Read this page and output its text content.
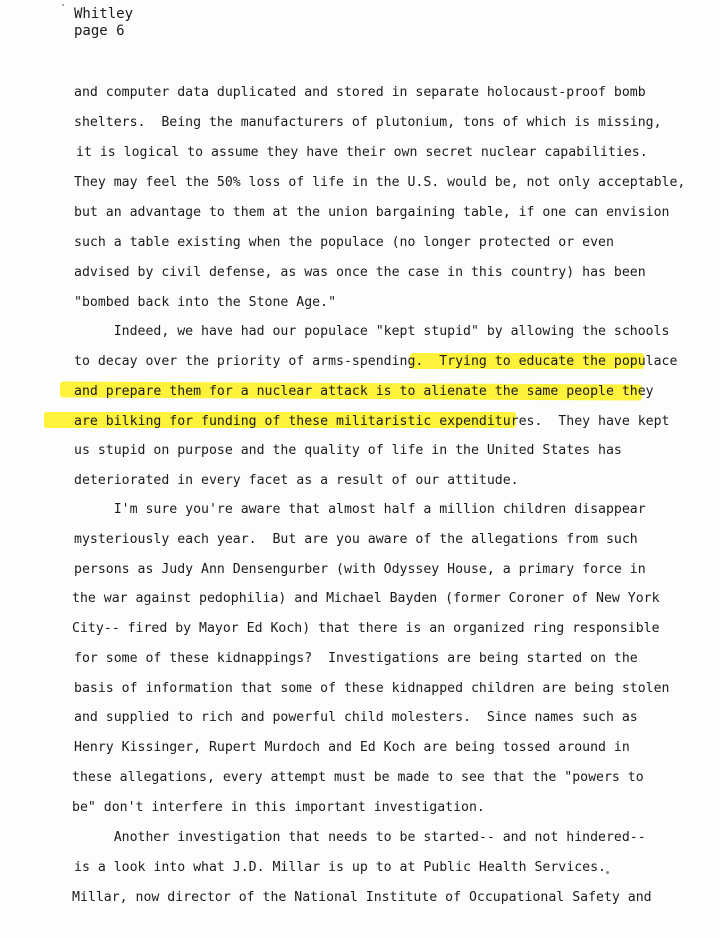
Whitley
page 6
and computer data duplicated and stored in separate holocaust-proof bomb
shelters.  Being the manufacturers of plutonium, tons of which is missing,
it is logical to assume they have their own secret nuclear capabilities.
They may feel the 50% loss of life in the U.S. would be, not only acceptable,
but an advantage to them at the union bargaining table, if one can envision
such a table existing when the populace (no longer protected or even
advised by civil defense, as was once the case in this country) has been
"bombed back into the Stone Age."
Indeed, we have had our populace "kept stupid" by allowing the schools
to decay over the priority of arms-spending.  Trying to educate the populace
and prepare them for a nuclear attack is to alienate the same people they
are bilking for funding of these militaristic expenditures.  They have kept
us stupid on purpose and the quality of life in the United States has
deteriorated in every facet as a result of our attitude.
I'm sure you're aware that almost half a million children disappear
mysteriously each year.  But are you aware of the allegations from such
persons as Judy Ann Densengurber (with Odyssey House, a primary force in
the war against pedophilia) and Michael Bayden (former Coroner of New York
City-- fired by Mayor Ed Koch) that there is an organized ring responsible
for some of these kidnappings?  Investigations are being started on the
basis of information that some of these kidnapped children are being stolen
and supplied to rich and powerful child molesters.  Since names such as
Henry Kissinger, Rupert Murdoch and Ed Koch are being tossed around in
these allegations, every attempt must be made to see that the "powers to
be" don't interfere in this important investigation.
Another investigation that needs to be started-- and not hindered--
is a look into what J.D. Millar is up to at Public Health Services.
Millar, now director of the National Institute of Occupational Safety and
